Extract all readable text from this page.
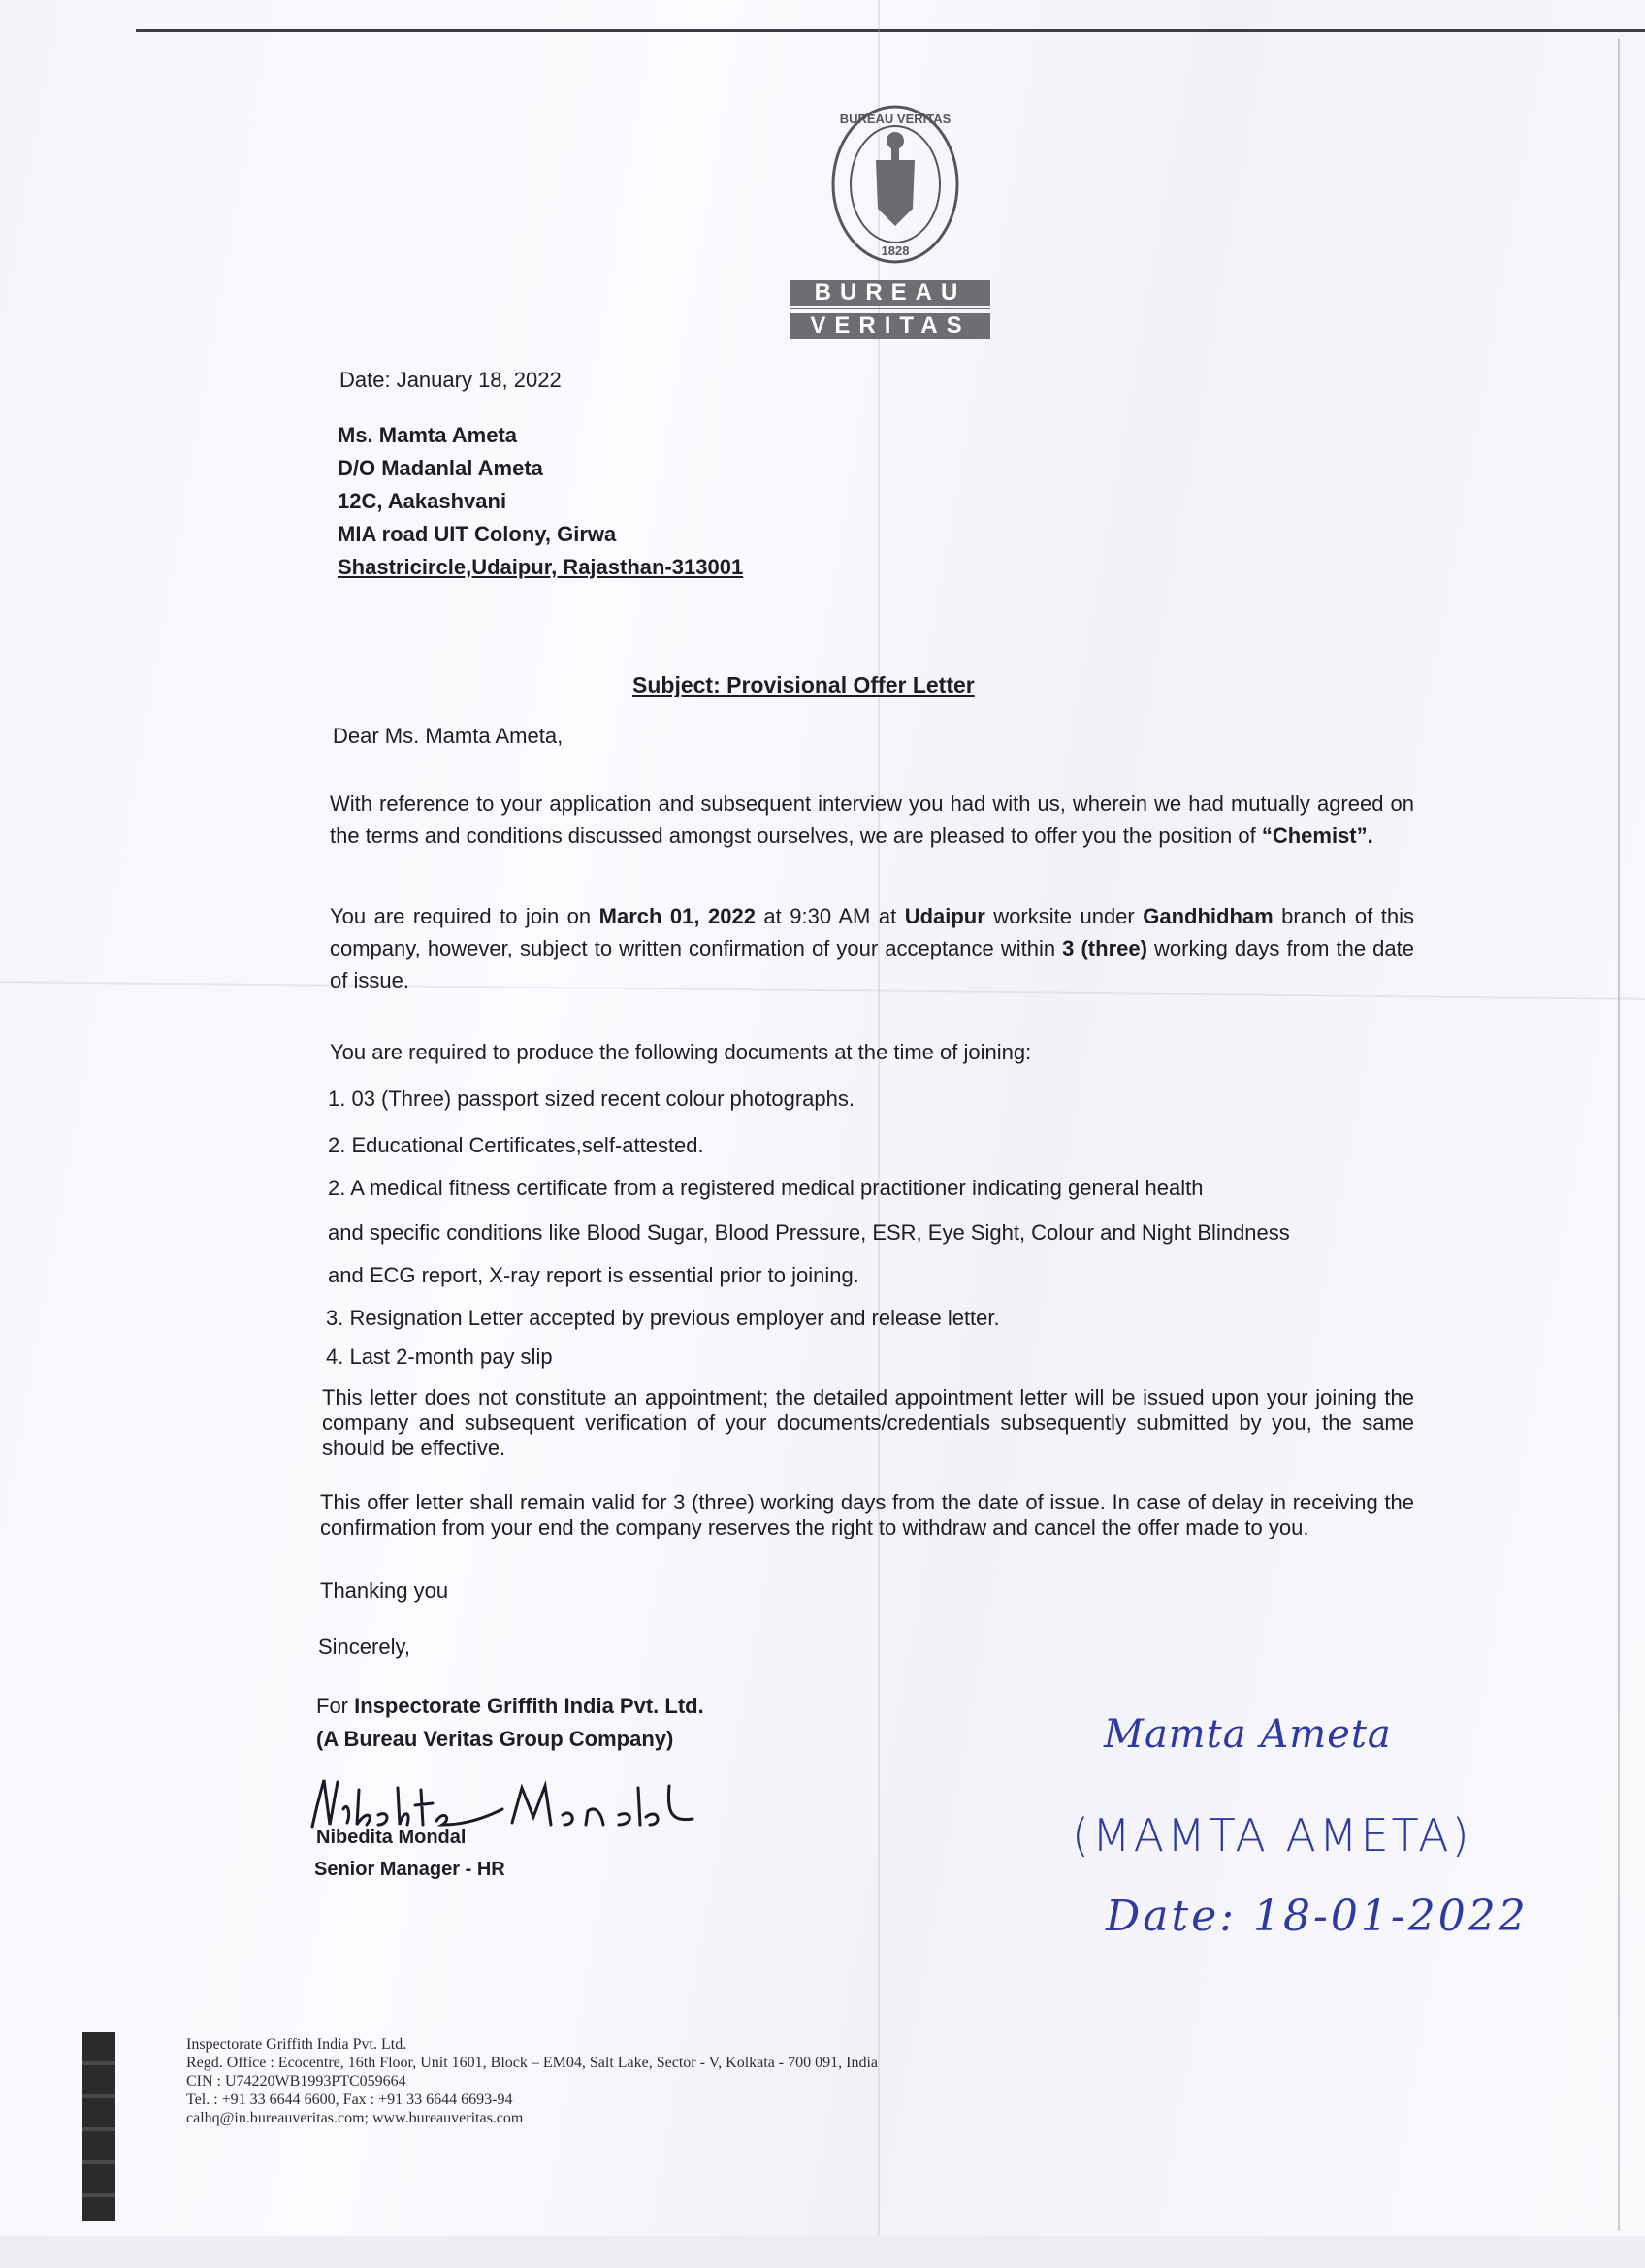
BUREAU VERITAS
1828
BUREAU
VERITAS
Date: January 18, 2022
Ms. Mamta Ameta
D/O Madanlal Ameta
12C, Aakashvani
MIA road UIT Colony, Girwa
Shastricircle,Udaipur, Rajasthan-313001
Subject: Provisional Offer Letter
Dear Ms. Mamta Ameta,
With reference to your application and subsequent interview you had with us, wherein we had mutually agreed on the terms and conditions discussed amongst ourselves, we are pleased to offer you the position of “Chemist”.
You are required to join on March 01, 2022 at 9:30 AM at Udaipur worksite under Gandhidham branch of this company, however, subject to written confirmation of your acceptance within 3 (three) working days from the date of issue.
You are required to produce the following documents at the time of joining:
1. 03 (Three) passport sized recent colour photographs.
2. Educational Certificates,self-attested.
2. A medical fitness certificate from a registered medical practitioner indicating general health
and specific conditions like Blood Sugar, Blood Pressure, ESR, Eye Sight, Colour and Night Blindness
and ECG report, X-ray report is essential prior to joining.
3. Resignation Letter accepted by previous employer and release letter.
4. Last 2-month pay slip
This letter does not constitute an appointment; the detailed appointment letter will be issued upon your joining the company and subsequent verification of your documents/credentials subsequently submitted by you, the same should be effective.
This offer letter shall remain valid for 3 (three) working days from the date of issue. In case of delay in receiving the confirmation from your end the company reserves the right to withdraw and cancel the offer made to you.
Thanking you
Sincerely,
For Inspectorate Griffith India Pvt. Ltd.
(A Bureau Veritas Group Company)
Nibedita Mondal
Senior Manager - HR
Mamta Ameta
(MAMTA AMETA)
Date: 18-01-2022
Inspectorate Griffith India Pvt. Ltd.
Regd. Office : Ecocentre, 16th Floor, Unit 1601, Block – EM04, Salt Lake, Sector - V, Kolkata - 700 091, India
CIN : U74220WB1993PTC059664
Tel. : +91 33 6644 6600, Fax : +91 33 6644 6693-94
calhq@in.bureauveritas.com; www.bureauveritas.com
